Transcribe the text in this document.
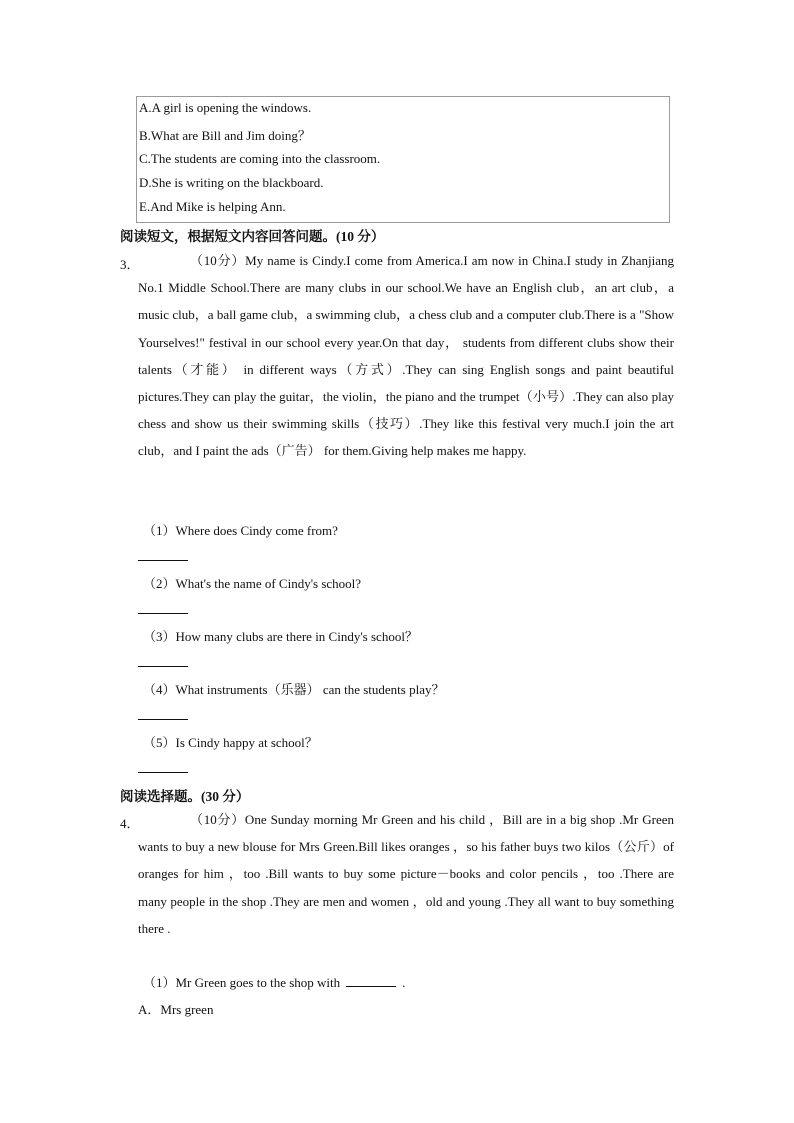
A.A girl is opening the windows.
B.What are Bill and Jim doing？
C.The students are coming into the classroom.
D.She is writing on the blackboard.
E.And Mike is helping Ann.
阅读短文，根据短文内容回答问题。(10 分）
3．	（10分）My name is Cindy.I come from America.I am now in China.I study in Zhanjiang No.1 Middle School.There are many clubs in our school.We have an English club，an art club，a music club，a ball game club，a swimming club，a chess club and a computer club.There is a "Show Yourselves!" festival in our school every year.On that day， students from different clubs show their talents（才能） in different ways（方式）.They can sing English songs and paint beautiful pictures.They can play the guitar，the violin，the piano and the trumpet（小号）.They can also play chess and show us their swimming skills（技巧）.They like this festival very much.I join the art club，and I paint the ads（广告） for them.Giving help makes me happy.
（1）Where does Cindy come from?
（2）What's the name of Cindy's school?
（3）How many clubs are there in Cindy's school？
（4）What instruments（乐器） can the students play？
（5）Is Cindy happy at school？
阅读选择题。(30 分）
4．	（10分）One Sunday morning Mr Green and his child ，Bill are in a big shop .Mr Green wants to buy a new blouse for Mrs Green.Bill likes oranges ，so his father buys two kilos（公斤）of oranges for him ，too .Bill wants to buy some picture－books and color pencils ，too .There are many people in the shop .They are men and women ，old and young .They all want to buy something there .
（1）Mr Green goes to the shop with	.
A．Mrs green
